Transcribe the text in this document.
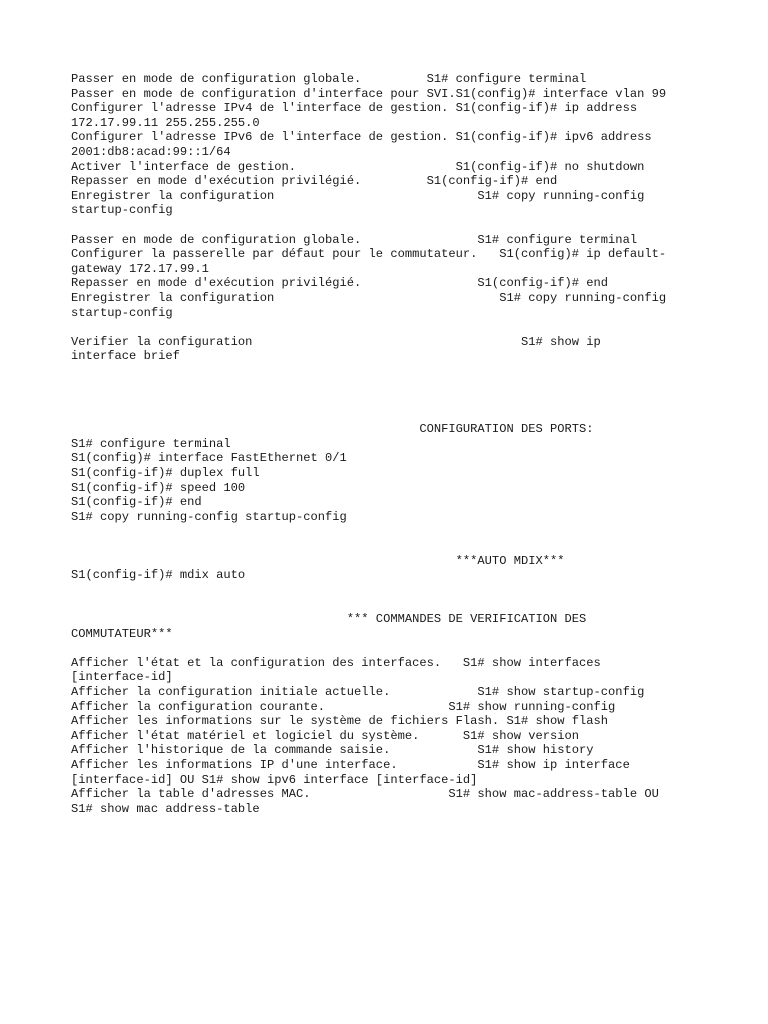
Passer en mode de configuration globale.         S1# configure terminal
Passer en mode de configuration d'interface pour SVI.S1(config)# interface vlan 99
Configurer l'adresse IPv4 de l'interface de gestion. S1(config-if)# ip address
172.17.99.11 255.255.255.0
Configurer l'adresse IPv6 de l'interface de gestion. S1(config-if)# ipv6 address
2001:db8:acad:99::1/64
Activer l'interface de gestion.                      S1(config-if)# no shutdown
Repasser en mode d'exécution privilégié.         S1(config-if)# end
Enregistrer la configuration                            S1# copy running-config
startup-config
Passer en mode de configuration globale.                S1# configure terminal
Configurer la passerelle par défaut pour le commutateur.   S1(config)# ip default-
gateway 172.17.99.1
Repasser en mode d'exécution privilégié.                S1(config-if)# end
Enregistrer la configuration                               S1# copy running-config
startup-config
Verifier la configuration                                     S1# show ip
interface brief
CONFIGURATION DES PORTS:
S1# configure terminal
S1(config)# interface FastEthernet 0/1
S1(config-if)# duplex full
S1(config-if)# speed 100
S1(config-if)# end
S1# copy running-config startup-config
***AUTO MDIX***
S1(config-if)# mdix auto
*** COMMANDES DE VERIFICATION DES
COMMUTATEUR***
Afficher l'état et la configuration des interfaces.   S1# show interfaces
[interface-id]
Afficher la configuration initiale actuelle.            S1# show startup-config
Afficher la configuration courante.                 S1# show running-config
Afficher les informations sur le système de fichiers Flash. S1# show flash
Afficher l'état matériel et logiciel du système.      S1# show version
Afficher l'historique de la commande saisie.            S1# show history
Afficher les informations IP d'une interface.           S1# show ip interface
[interface-id] OU S1# show ipv6 interface [interface-id]
Afficher la table d'adresses MAC.                   S1# show mac-address-table OU
S1# show mac address-table
